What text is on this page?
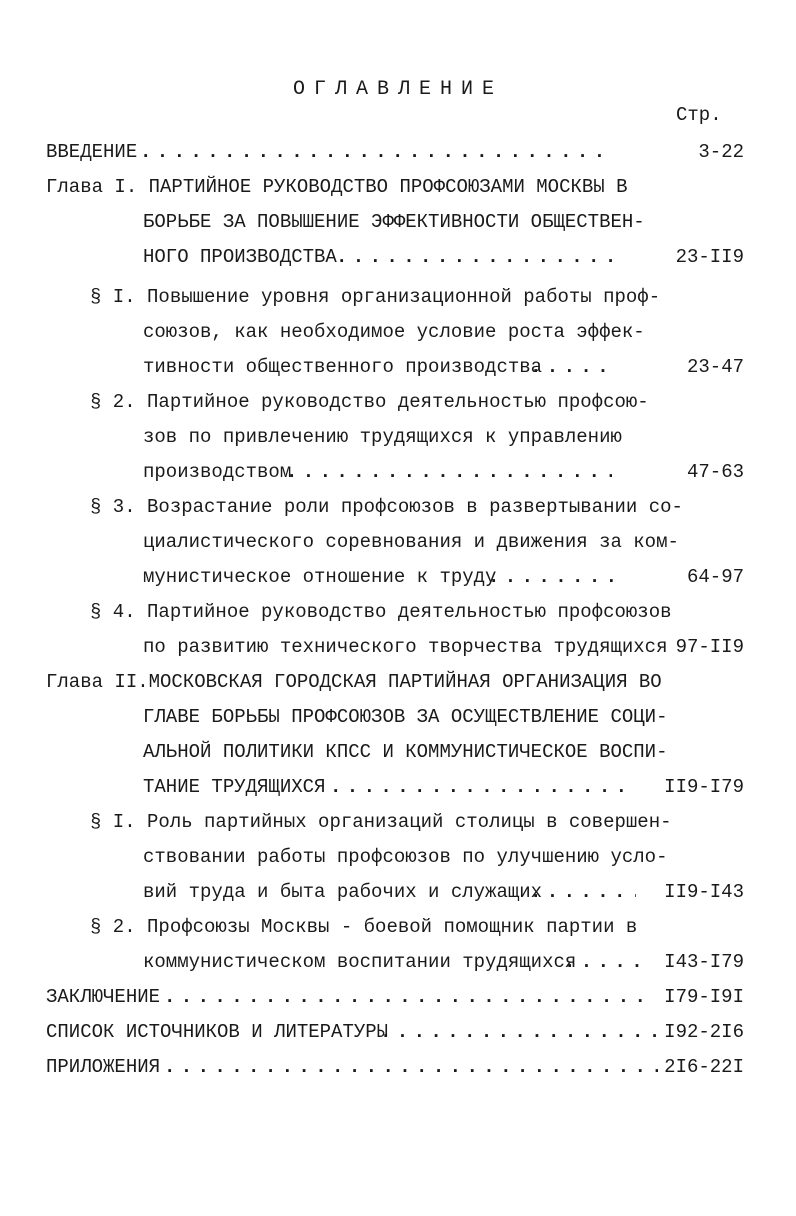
ОГЛАВЛЕНИЕ
Стр.
ВВЕДЕНИЕ . . .	3-22
Глава I. ПАРТИЙНОЕ РУКОВОДСТВО ПРОФСОЮЗАМИ МОСКВЫ В
БОРЬБЕ ЗА ПОВЫШЕНИЕ ЭФФЕКТИВНОСТИ ОБЩЕСТВЕН-
НОГО ПРОИЗВОДСТВА . . .	23-II9
§ I. Повышение уровня организационной работы проф-
союзов, как необходимое условие роста эффек-
тивности общественного производства . . .	23-47
§ 2. Партийное руководство деятельностью профсою-
зов по привлечению трудящихся к управлению
производством . . .	47-63
§ 3. Возрастание роли профсоюзов в развертывании со-
циалистического соревнования и движения за ком-
мунистическое отношение к труду . . .	64-97
§ 4. Партийное руководство деятельностью профсоюзов
по развитию технического творчества трудящихся 97-II9
Глава II.МОСКОВСКАЯ ГОРОДСКАЯ ПАРТИЙНАЯ ОРГАНИЗАЦИЯ ВО
ГЛАВЕ БОРЬБЫ ПРОФСОЮЗОВ ЗА ОСУЩЕСТВЛЕНИЕ СОЦИ-
АЛЬНОЙ ПОЛИТИКИ КПСС И КОММУНИСТИЧЕСКОЕ ВОСПИ-
ТАНИЕ ТРУДЯЩИХСЯ . . .	II9-I79
§ I. Роль партийных организаций столицы в совершен-
ствовании работы профсоюзов по улучшению усло-
вий труда и быта рабочих и служащих . . .	II9-I43
§ 2. Профсоюзы Москвы - боевой помощник партии в
коммунистическом воспитании трудящихся . . .	I43-I79
ЗАКЛЮЧЕНИЕ . . .	I79-I9I
СПИСОК ИСТОЧНИКОВ И ЛИТЕРАТУРЫ . . .	I92-2I6
ПРИЛОЖЕНИЯ . . .	2I6-22I
